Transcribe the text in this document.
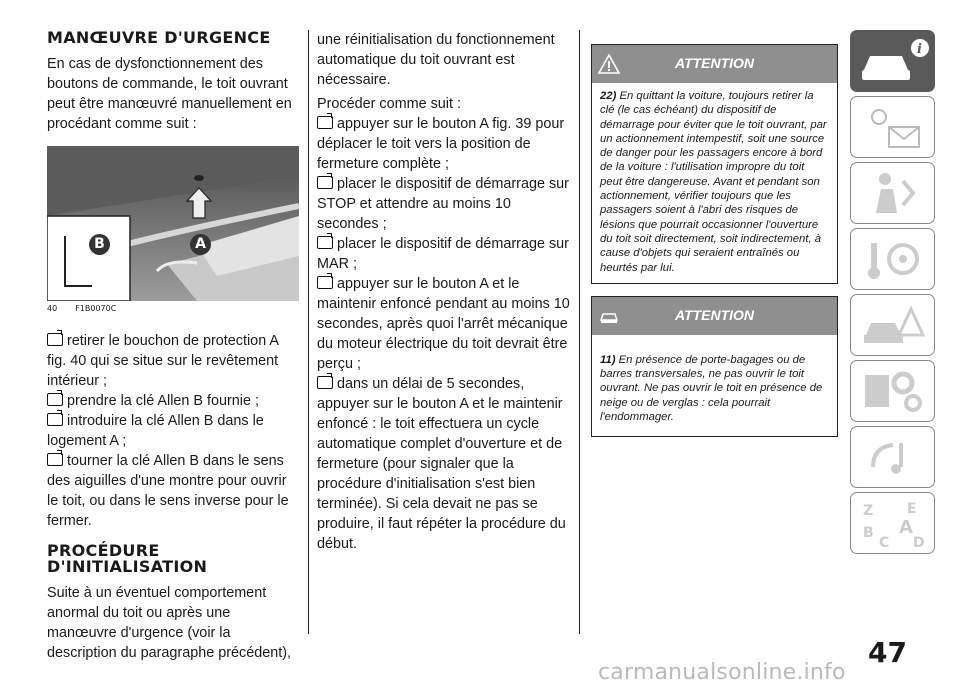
MANŒUVRE D'URGENCE

En cas de dysfonctionnement des boutons de commande, le toit ouvrant peut être manœuvré manuellement en procédant comme suit :

B	A
40 F1B0070C

retirer le bouchon de protection A fig. 40 qui se situe sur le revêtement intérieur ;

prendre la clé Allen B fournie ;

introduire la clé Allen B dans le logement A ;

tourner la clé Allen B dans le sens des aiguilles d'une montre pour ouvrir le toit, ou dans le sens inverse pour le fermer.

PROCÉDURE D'INITIALISATION

Suite à un éventuel comportement anormal du toit ou après une manœuvre d'urgence (voir la description du paragraphe précédent),

une réinitialisation du fonctionnement automatique du toit ouvrant est nécessaire.

Procéder comme suit :

appuyer sur le bouton A fig. 39 pour déplacer le toit vers la position de fermeture complète ;

placer le dispositif de démarrage sur STOP et attendre au moins 10 secondes ;

placer le dispositif de démarrage sur MAR ;

appuyer sur le bouton A et le maintenir enfoncé pendant au moins 10 secondes, après quoi l'arrêt mécanique du moteur électrique du toit devrait être perçu ;

dans un délai de 5 secondes, appuyer sur le bouton A et le maintenir enfoncé : le toit effectuera un cycle automatique complet d'ouverture et de fermeture (pour signaler que la procédure d'initialisation s'est bien terminée). Si cela devait ne pas se produire, il faut répéter la procédure du début.

ATTENTION
22) En quittant la voiture, toujours retirer la clé (le cas échéant) du dispositif de démarrage pour éviter que le toit ouvrant, par un actionnement intempestif, soit une source de danger pour les passagers encore à bord de la voiture : l'utilisation impropre du toit peut être dangereuse. Avant et pendant son actionnement, vérifier toujours que les passagers soient à l'abri des risques de lésions que pourrait occasionner l'ouverture du toit soit directement, soit indirectement, à cause d'objets qui seraient entraînés ou heurtés par lui.
ATTENTION
11) En présence de porte-bagages ou de barres transversales, ne pas ouvrir le toit ouvrant. Ne pas ouvrir le toit en présence de neige ou de verglas : cela pourrait l'endommager.
i
Z E
B A
C D
47
carmanualsonline.info
